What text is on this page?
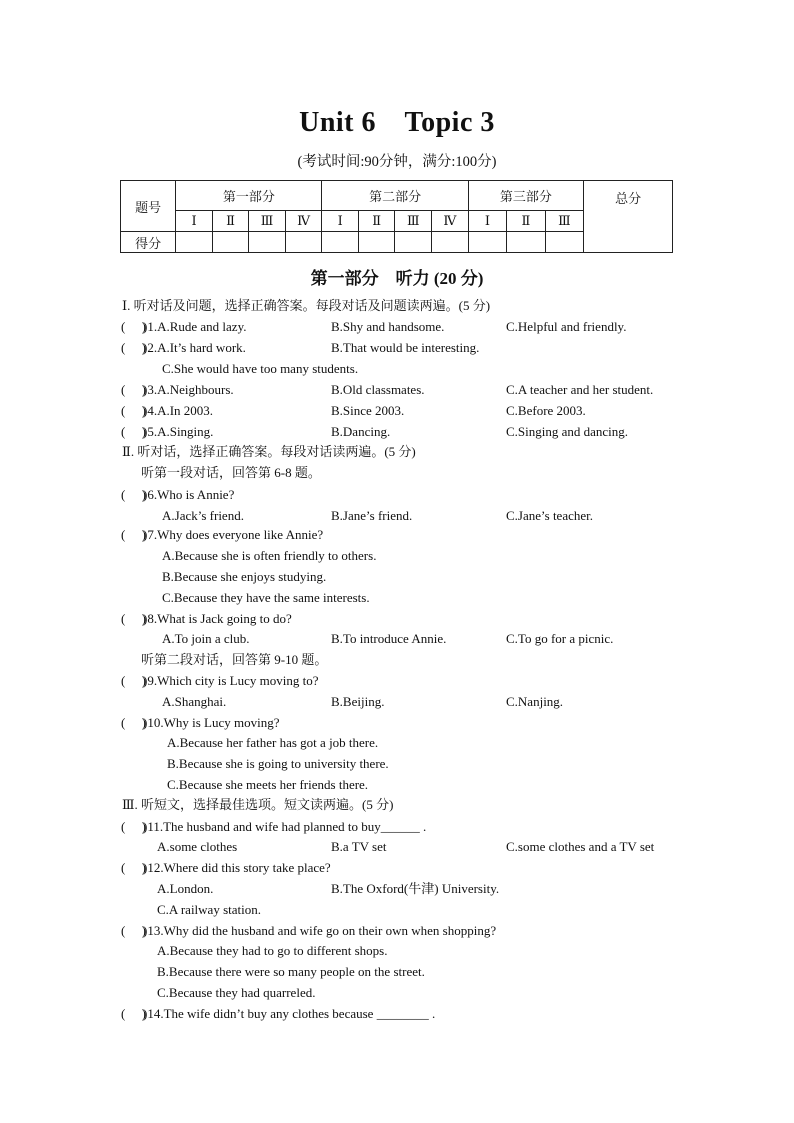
Unit 6　Topic 3
(考试时间:90分钟，满分:100分)
题号	第一部分				第二部分				第三部分			总分
	Ⅰ	Ⅱ	Ⅲ	Ⅳ	Ⅰ	Ⅱ	Ⅲ	Ⅳ	Ⅰ	Ⅱ	Ⅲ	
得分												
第一部分　听力 (20 分)
Ⅰ. 听对话及问题，选择正确答案。每段对话及问题读两遍。(5 分)
(　 )
)1.A.Rude and lazy.	B.Shy and handsome.	C.Helpful and friendly.
(　 )
)2.A.It’s hard work.	B.That would be interesting.
C.She would have too many students.
(　 )
)3.A.Neighbours.	B.Old classmates.	C.A teacher and her student.
(　 )
)4.A.In 2003.	B.Since 2003.	C.Before 2003.
(　 )
)5.A.Singing.	B.Dancing.	C.Singing and dancing.
Ⅱ. 听对话，选择正确答案。每段对话读两遍。(5 分)
听第一段对话，回答第 6-8 题。
(　 )
)6.Who is Annie?
A.Jack’s friend.	B.Jane’s friend.	C.Jane’s teacher.
(　 )
)7.Why does everyone like Annie?
A.Because she is often friendly to others.
B.Because she enjoys studying.
C.Because they have the same interests.
(　 )
)8.What is Jack going to do?
A.To join a club.	B.To introduce Annie.	C.To go for a picnic.
听第二段对话，回答第 9-10 题。
(　 )
)9.Which city is Lucy moving to?
A.Shanghai.	B.Beijing.	C.Nanjing.
(　 )
)10.Why is Lucy moving?
A.Because her father has got a job there.
B.Because she is going to university there.
C.Because she meets her friends there.
Ⅲ. 听短文，选择最佳选项。短文读两遍。(5 分)
(　 )
)11.The husband and wife had planned to buy______ .
A.some clothes	B.a TV set	C.some clothes and a TV set
(　 )
)12.Where did this story take place?
A.London.	B.The Oxford(牛津) University.
C.A railway station.
(　 )
)13.Why did the husband and wife go on their own when shopping?
A.Because they had to go to different shops.
B.Because there were so many people on the street.
C.Because they had quarreled.
(　 )
)14.The wife didn’t buy any clothes because ________ .
